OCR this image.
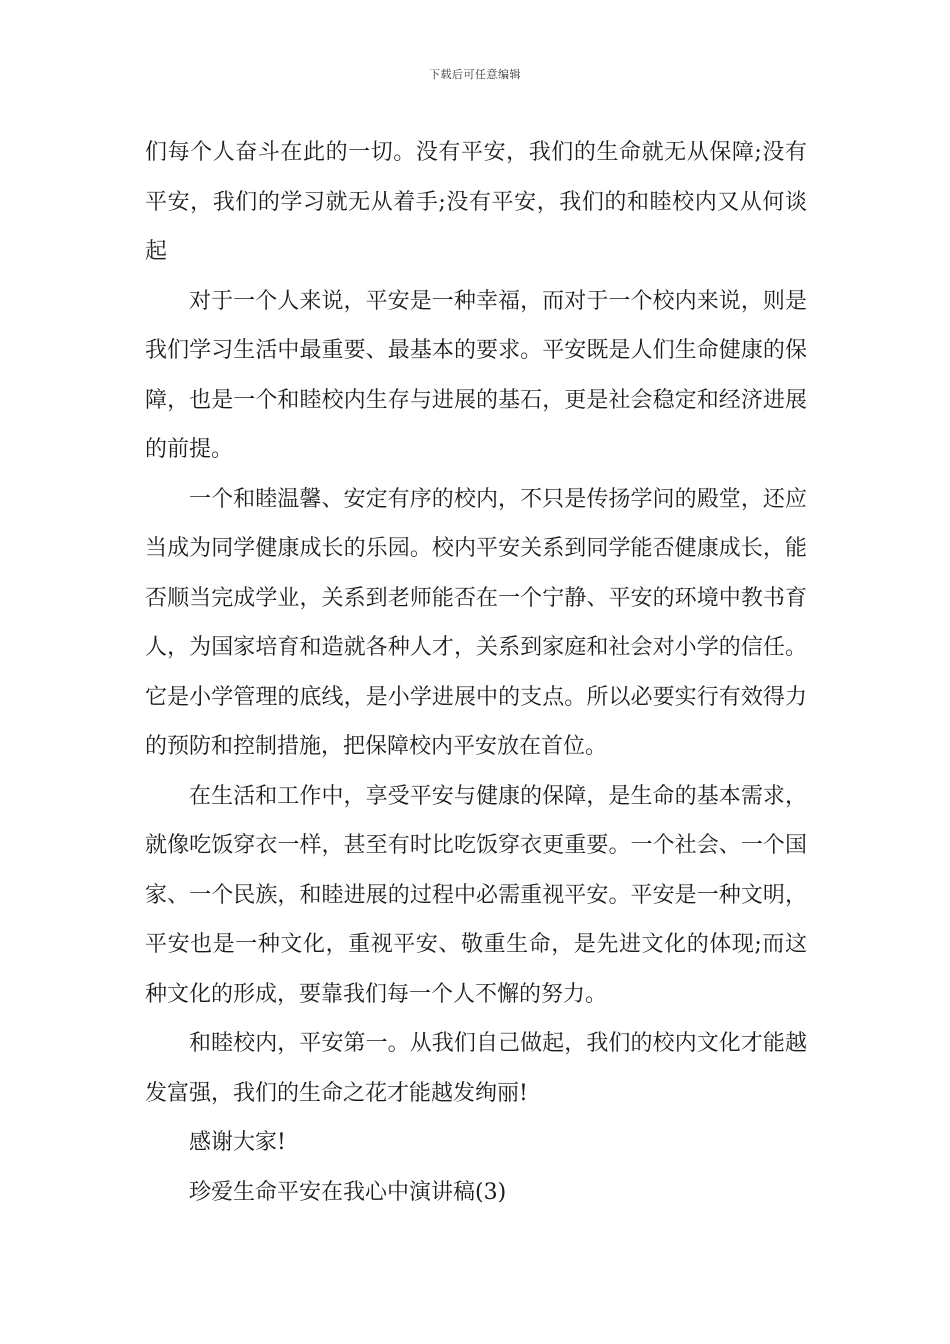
下载后可任意编辑

们每个人奋斗在此的一切。没有平安，我们的生命就无从保障;没有平安，我们的学习就无从着手;没有平安，我们的和睦校内又从何谈起

对于一个人来说，平安是一种幸福，而对于一个校内来说，则是我们学习生活中最重要、最基本的要求。平安既是人们生命健康的保障，也是一个和睦校内生存与进展的基石，更是社会稳定和经济进展的前提。

一个和睦温馨、安定有序的校内，不只是传扬学问的殿堂，还应当成为同学健康成长的乐园。校内平安关系到同学能否健康成长，能否顺当完成学业，关系到老师能否在一个宁静、平安的环境中教书育人，为国家培育和造就各种人才，关系到家庭和社会对小学的信任。它是小学管理的底线，是小学进展中的支点。所以必要实行有效得力的预防和控制措施，把保障校内平安放在首位。

在生活和工作中，享受平安与健康的保障，是生命的基本需求，就像吃饭穿衣一样，甚至有时比吃饭穿衣更重要。一个社会、一个国家、一个民族，和睦进展的过程中必需重视平安。平安是一种文明，平安也是一种文化，重视平安、敬重生命，是先进文化的体现;而这种文化的形成，要靠我们每一个人不懈的努力。

和睦校内，平安第一。从我们自己做起，我们的校内文化才能越发富强，我们的生命之花才能越发绚丽!

感谢大家!

珍爱生命平安在我心中演讲稿(3)
